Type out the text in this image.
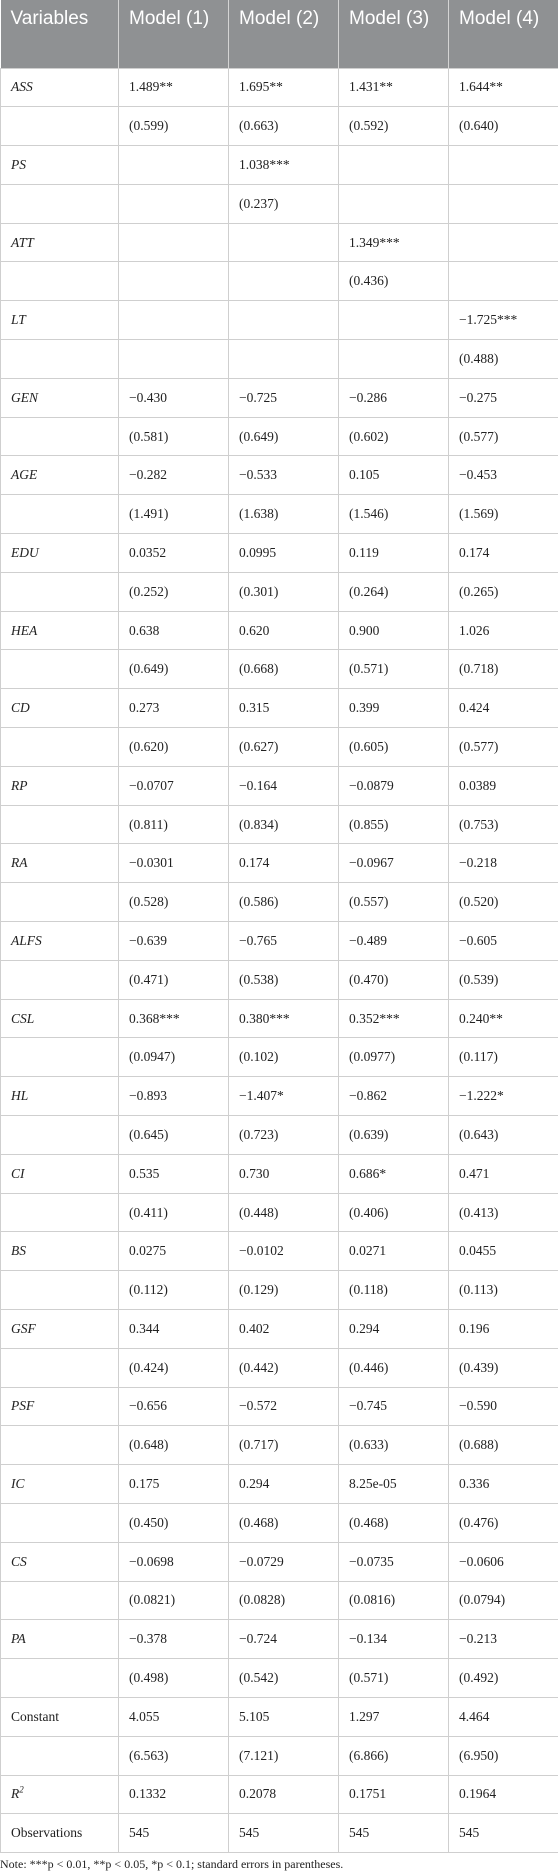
Variables	Model (1)	Model (2)	Model (3)	Model (4)
ASS	1.489**	1.695**	1.431**	1.644**
	(0.599)	(0.663)	(0.592)	(0.640)
PS		1.038***		
		(0.237)		
ATT			1.349***	
			(0.436)	
LT				−1.725***
				(0.488)
GEN	−0.430	−0.725	−0.286	−0.275
	(0.581)	(0.649)	(0.602)	(0.577)
AGE	−0.282	−0.533	0.105	−0.453
	(1.491)	(1.638)	(1.546)	(1.569)
EDU	0.0352	0.0995	0.119	0.174
	(0.252)	(0.301)	(0.264)	(0.265)
HEA	0.638	0.620	0.900	1.026
	(0.649)	(0.668)	(0.571)	(0.718)
CD	0.273	0.315	0.399	0.424
	(0.620)	(0.627)	(0.605)	(0.577)
RP	−0.0707	−0.164	−0.0879	0.0389
	(0.811)	(0.834)	(0.855)	(0.753)
RA	−0.0301	0.174	−0.0967	−0.218
	(0.528)	(0.586)	(0.557)	(0.520)
ALFS	−0.639	−0.765	−0.489	−0.605
	(0.471)	(0.538)	(0.470)	(0.539)
CSL	0.368***	0.380***	0.352***	0.240**
	(0.0947)	(0.102)	(0.0977)	(0.117)
HL	−0.893	−1.407*	−0.862	−1.222*
	(0.645)	(0.723)	(0.639)	(0.643)
CI	0.535	0.730	0.686*	0.471
	(0.411)	(0.448)	(0.406)	(0.413)
BS	0.0275	−0.0102	0.0271	0.0455
	(0.112)	(0.129)	(0.118)	(0.113)
GSF	0.344	0.402	0.294	0.196
	(0.424)	(0.442)	(0.446)	(0.439)
PSF	−0.656	−0.572	−0.745	−0.590
	(0.648)	(0.717)	(0.633)	(0.688)
IC	0.175	0.294	8.25e-05	0.336
	(0.450)	(0.468)	(0.468)	(0.476)
CS	−0.0698	−0.0729	−0.0735	−0.0606
	(0.0821)	(0.0828)	(0.0816)	(0.0794)
PA	−0.378	−0.724	−0.134	−0.213
	(0.498)	(0.542)	(0.571)	(0.492)
Constant	4.055	5.105	1.297	4.464
	(6.563)	(7.121)	(6.866)	(6.950)
$R^2$	0.1332	0.2078	0.1751	0.1964
Observations	545	545	545	545
Note: ***p < 0.01, **p < 0.05, *p < 0.1; standard errors in parentheses.
